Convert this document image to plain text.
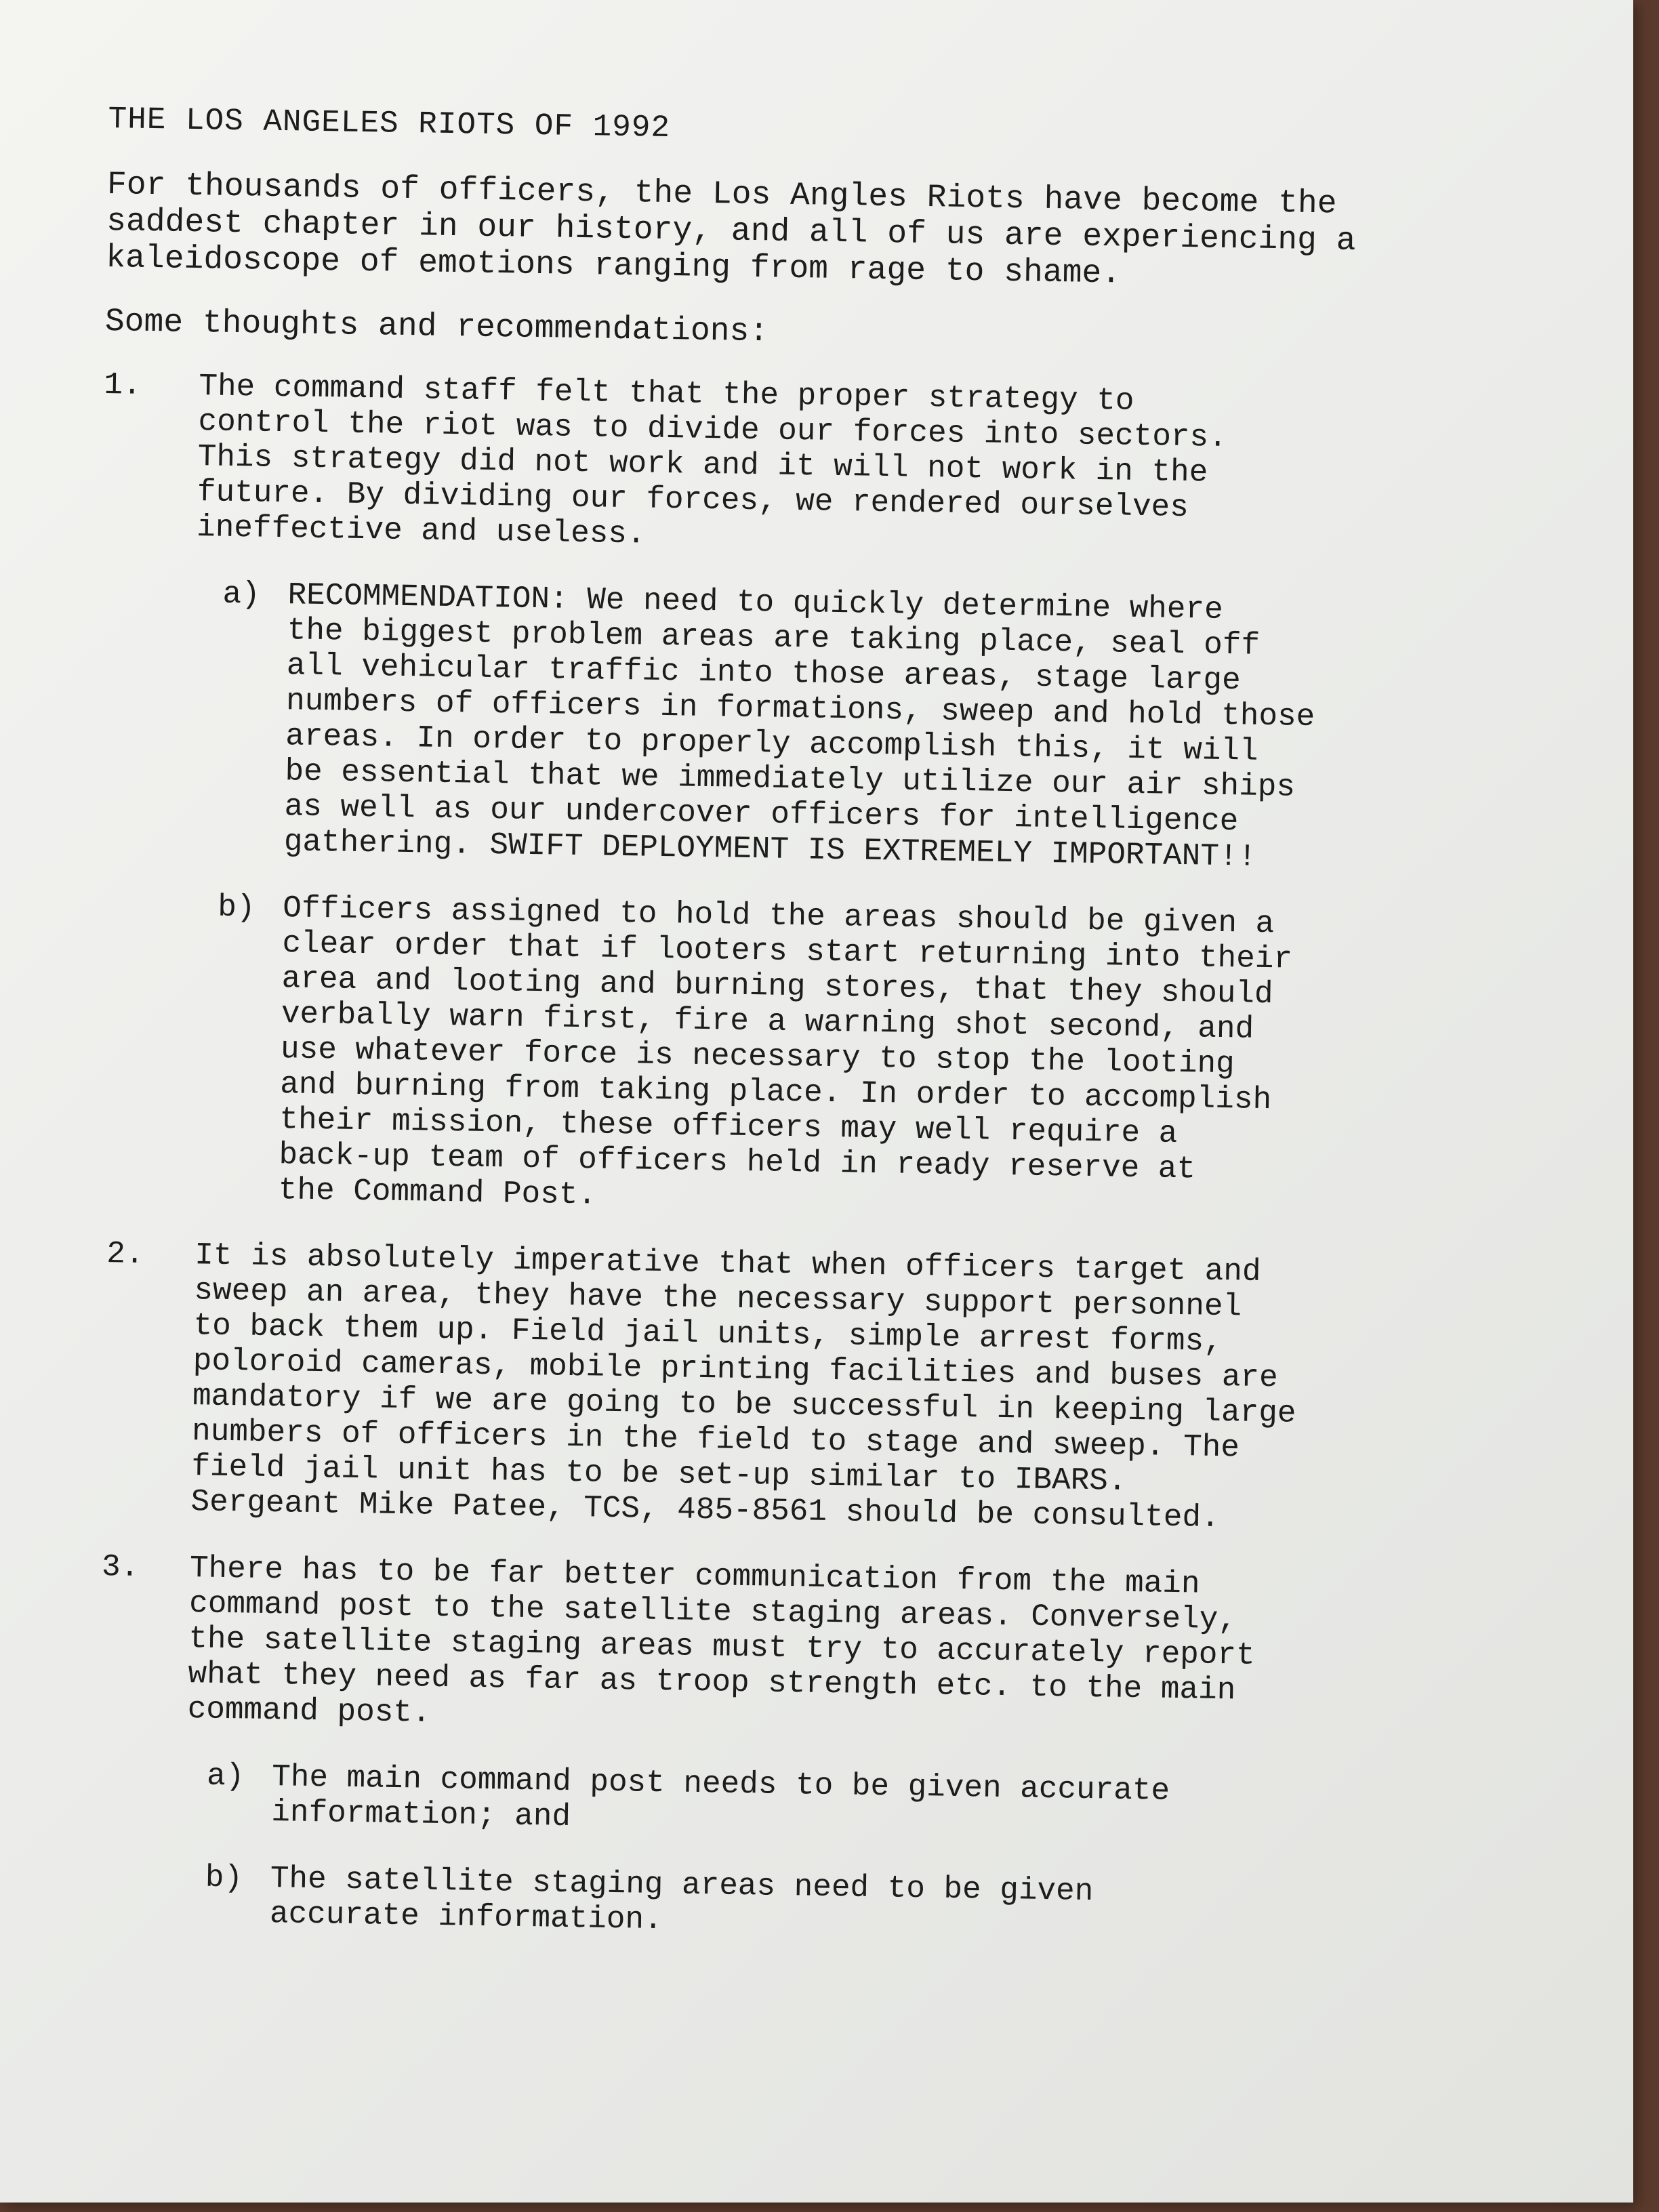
THE LOS ANGELES RIOTS OF 1992

For thousands of officers, the Los Angles Riots have become the
saddest chapter in our history, and all of us are experiencing a
kaleidoscope of emotions ranging from rage to shame.

Some thoughts and recommendations:

1.	The command staff felt that the proper strategy to
control the riot was to divide our forces into sectors.
This strategy did not work and it will not work in the
future. By dividing our forces, we rendered ourselves
ineffective and useless.
a) RECOMMENDATION: We need to quickly determine where
the biggest problem areas are taking place, seal off
all vehicular traffic into those areas, stage large
numbers of officers in formations, sweep and hold those
areas. In order to properly accomplish this, it will
be essential that we immediately utilize our air ships
as well as our undercover officers for intelligence
gathering. SWIFT DEPLOYMENT IS EXTREMELY IMPORTANT!!
b) Officers assigned to hold the areas should be given a
clear order that if looters start returning into their
area and looting and burning stores, that they should
verbally warn first, fire a warning shot second, and
use whatever force is necessary to stop the looting
and burning from taking place. In order to accomplish
their mission, these officers may well require a
back-up team of officers held in ready reserve at
the Command Post.
2.	It is absolutely imperative that when officers target and
sweep an area, they have the necessary support personnel
to back them up. Field jail units, simple arrest forms,
poloroid cameras, mobile printing facilities and buses are
mandatory if we are going to be successful in keeping large
numbers of officers in the field to stage and sweep. The
field jail unit has to be set-up similar to IBARS.
Sergeant Mike Patee, TCS, 485-8561 should be consulted.
3.	There has to be far better communication from the main
command post to the satellite staging areas. Conversely,
the satellite staging areas must try to accurately report
what they need as far as troop strength etc. to the main
command post.
a) The main command post needs to be given accurate
information; and
b) The satellite staging areas need to be given
accurate information.
